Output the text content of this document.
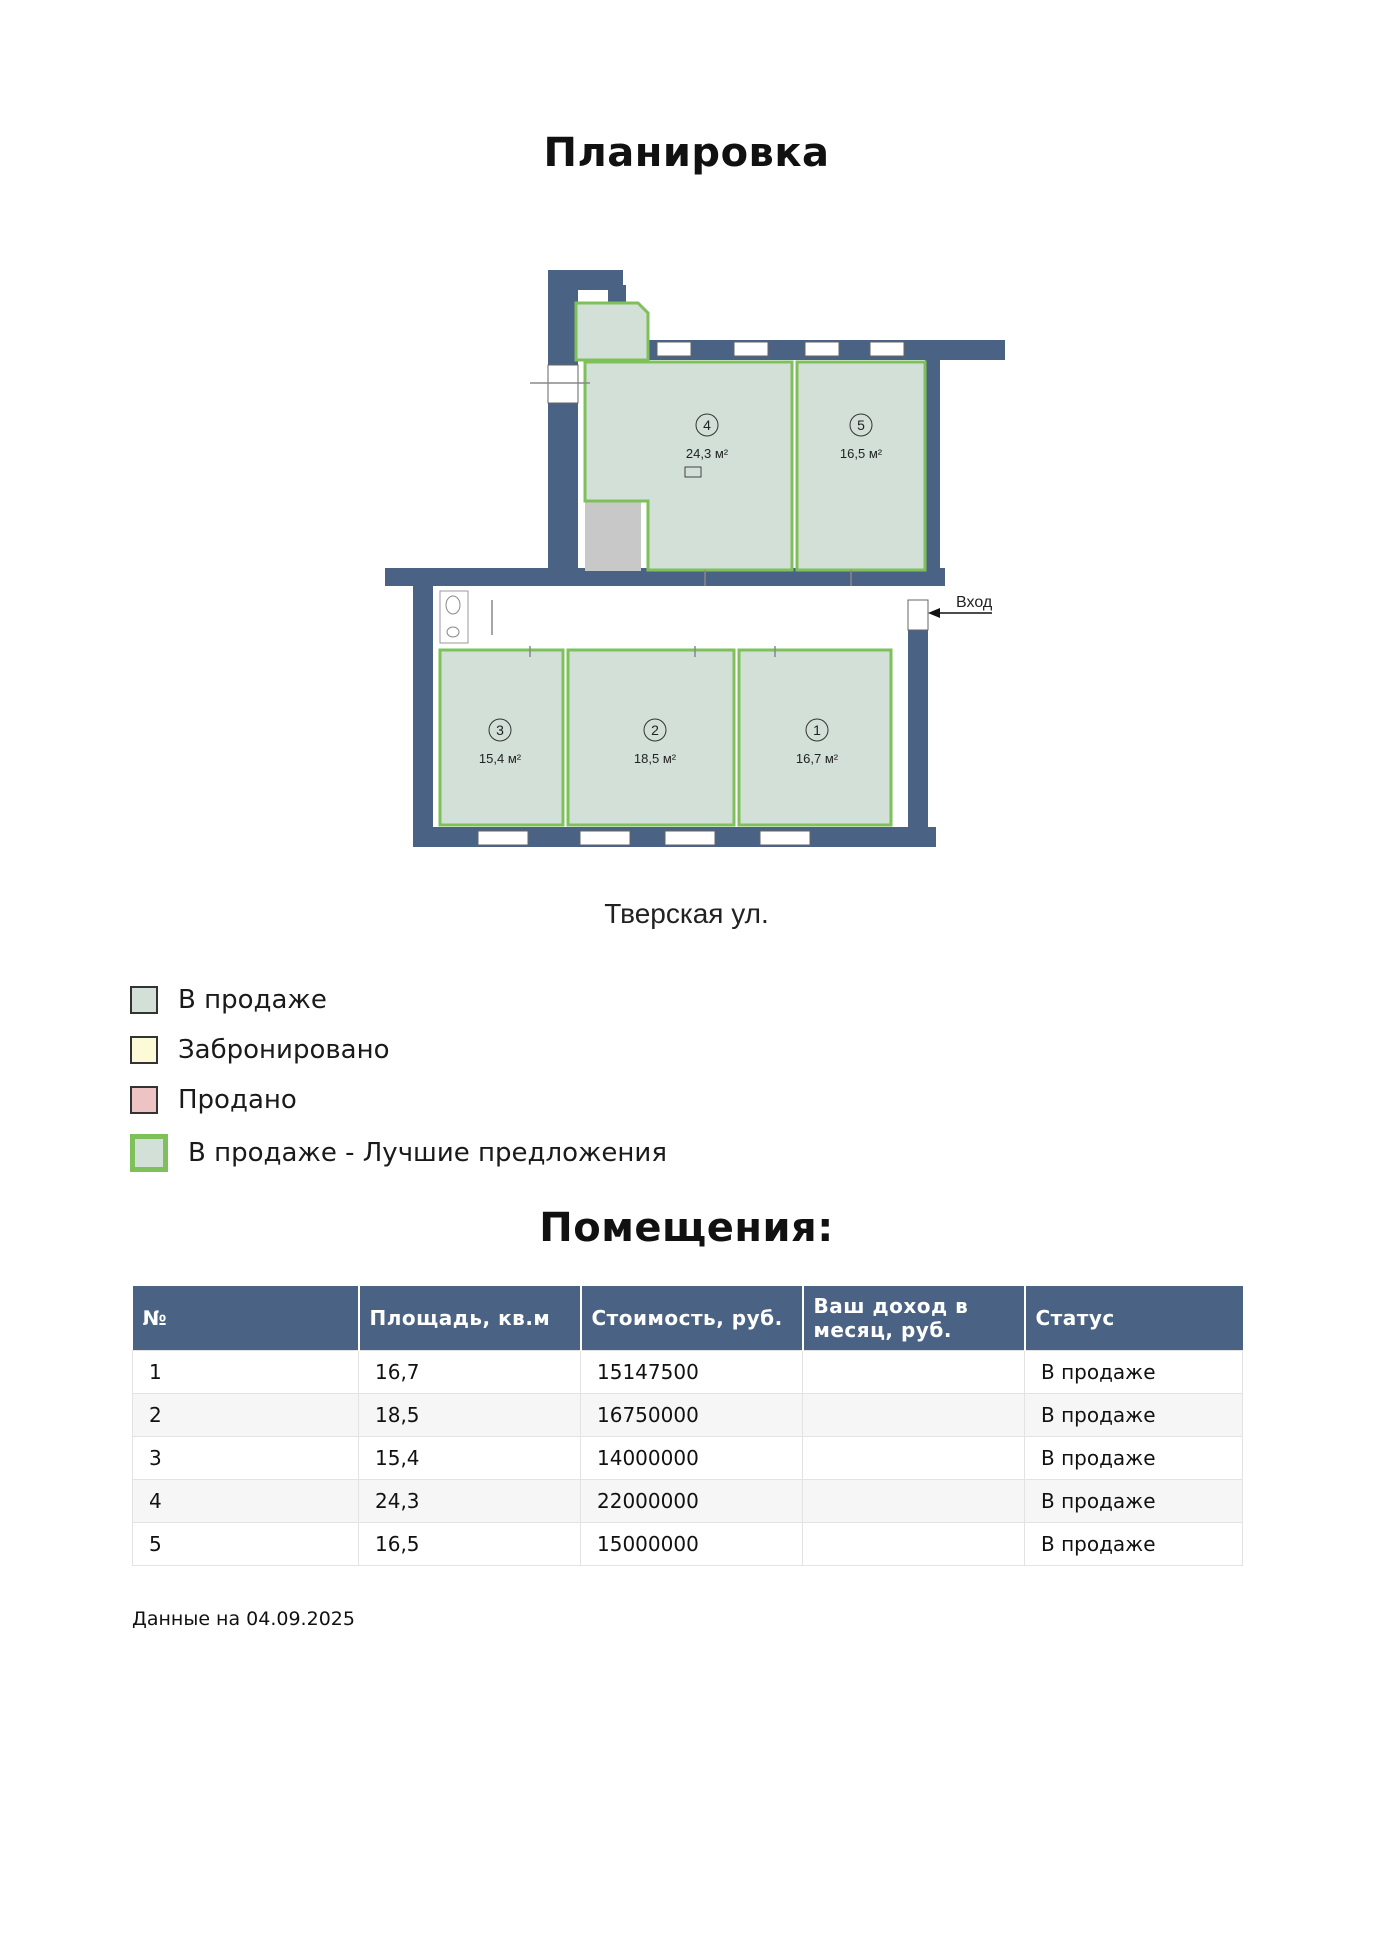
Планировка
Вход
4
24,3 м²
5
16,5 м²
3
15,4 м²
2
18,5 м²
1
16,7 м²
Тверская ул.
В продаже
Забронировано
Продано
В продаже - Лучшие предложения
Помещения:
№	Площадь, кв.м	Стоимость, руб.	Ваш доход в месяц, руб.	Статус
1	16,7	15147500		В продаже
2	18,5	16750000		В продаже
3	15,4	14000000		В продаже
4	24,3	22000000		В продаже
5	16,5	15000000		В продаже
Данные на 04.09.2025
